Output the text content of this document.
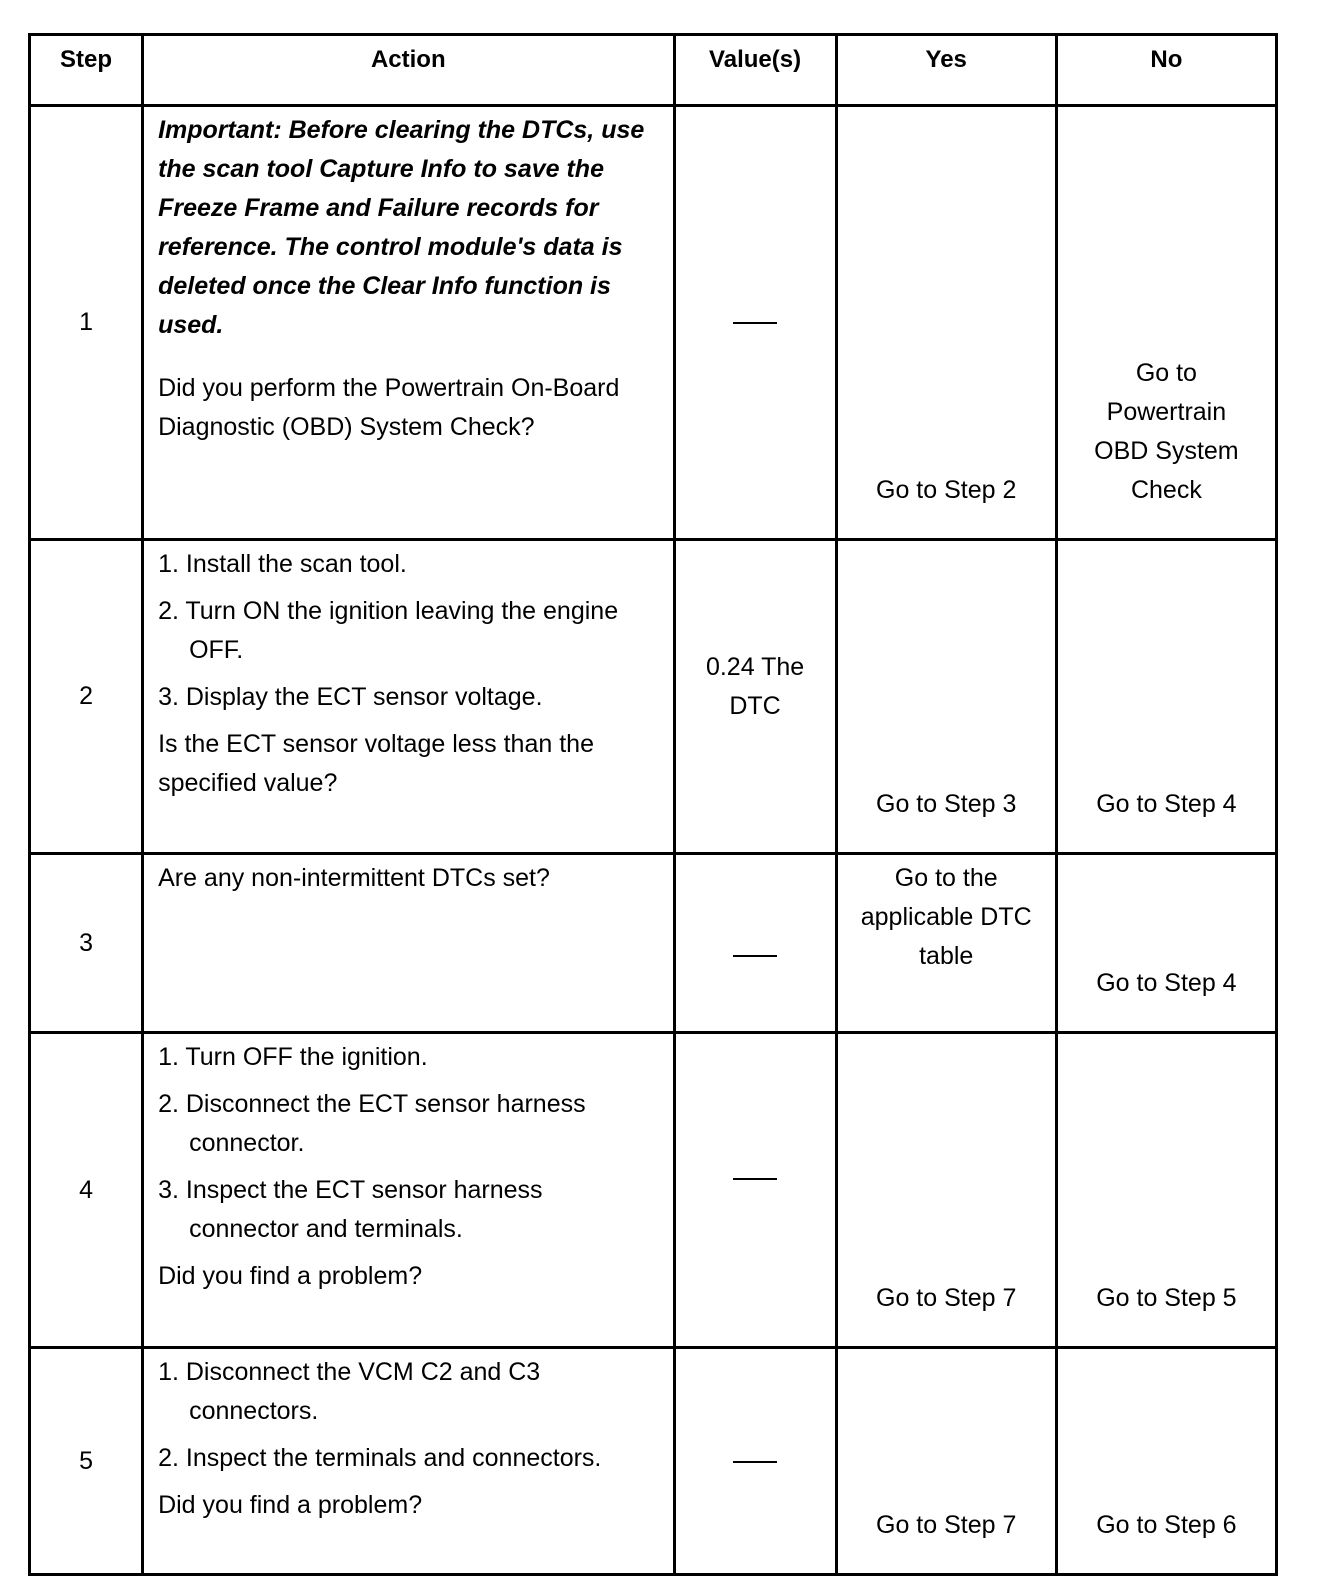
Step	Action	Value(s)	Yes	No
1	Important: Before clearing the DTCs, use the scan tool Capture Info to save the Freeze Frame and Failure records for reference. The control module's data is deleted once the Clear Info function is used.
Did you perform the Powertrain On-Board Diagnostic (OBD) System Check?		Go to Step 2	Go to Powertrain OBD System Check
2	1. Install the scan tool.
2. Turn ON the ignition leaving the engine OFF.
3. Display the ECT sensor voltage.
Is the ECT sensor voltage less than the specified value?	0.24 The DTC	Go to Step 3	Go to Step 4
3	Are any non-intermittent DTCs set?		Go to the applicable DTC table	Go to Step 4
4	1. Turn OFF the ignition.
2. Disconnect the ECT sensor harness connector.
3. Inspect the ECT sensor harness connector and terminals.
Did you find a problem?		Go to Step 7	Go to Step 5
5	1. Disconnect the VCM C2 and C3 connectors.
2. Inspect the terminals and connectors.
Did you find a problem?		Go to Step 7	Go to Step 6
